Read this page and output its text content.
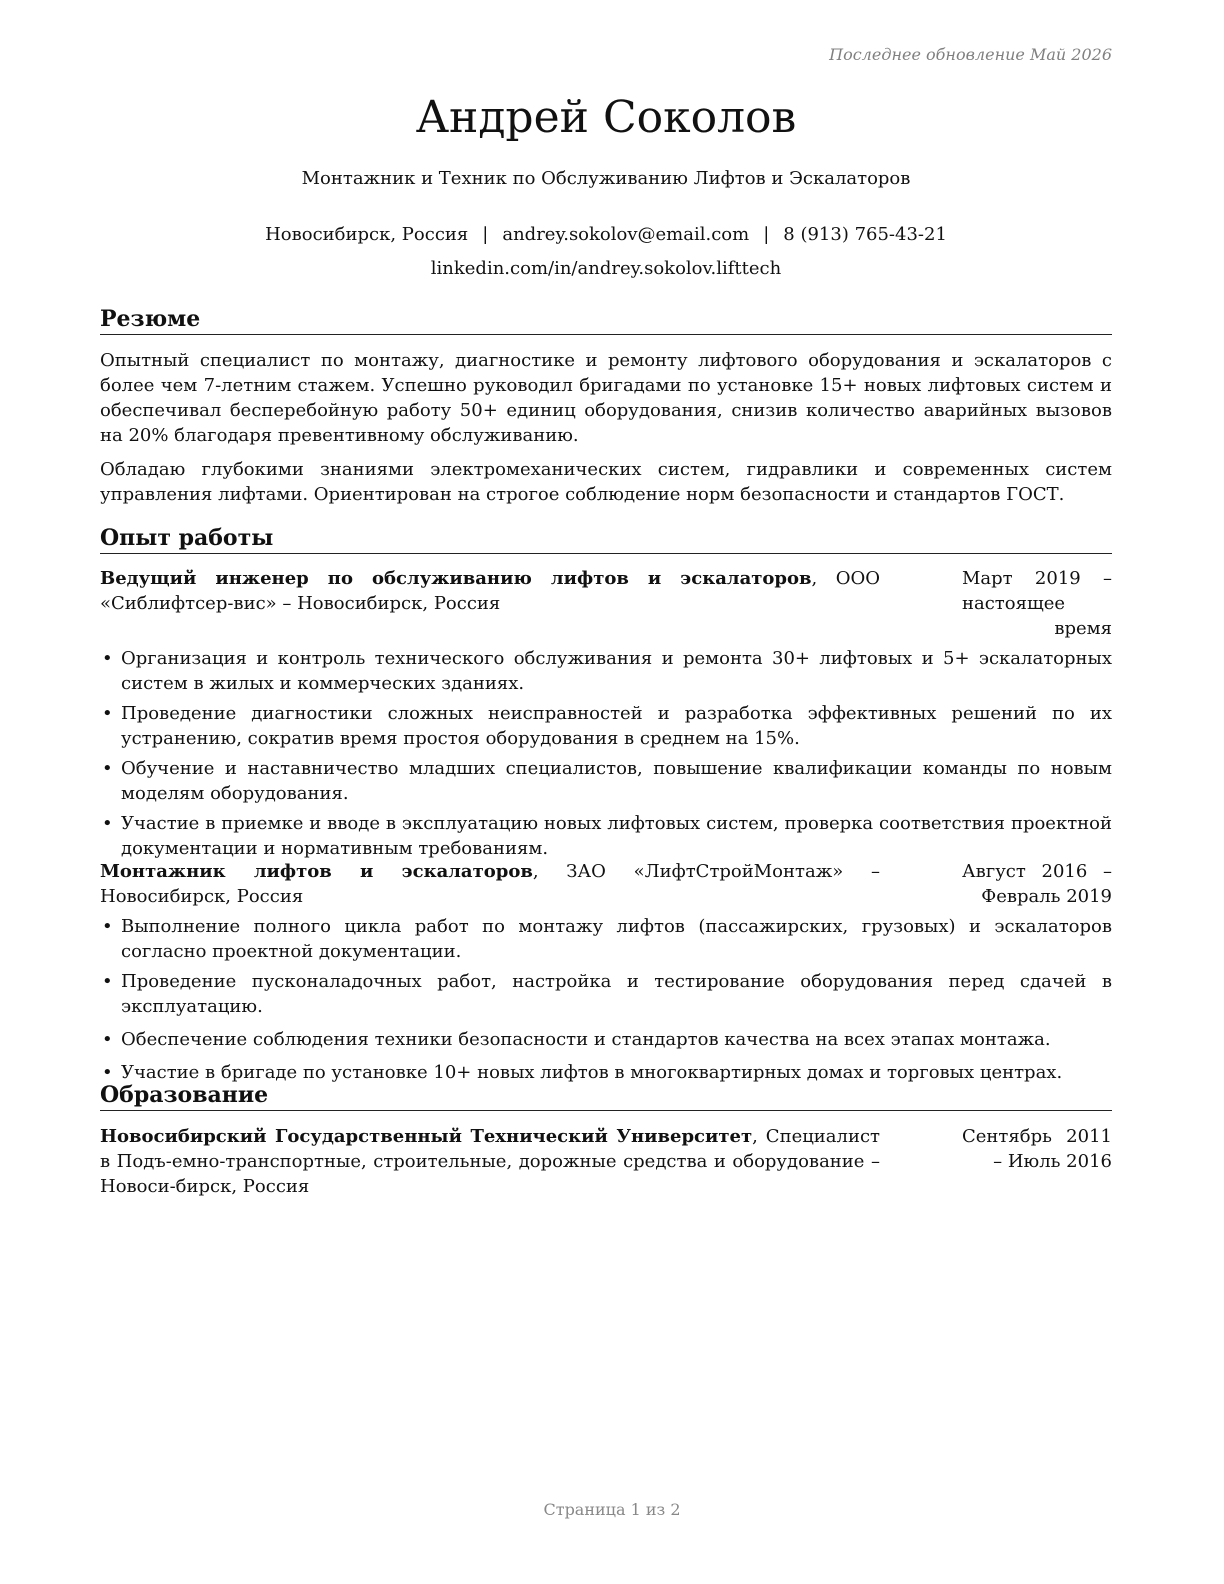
Последнее обновление Май 2026
Андрей Соколов
Монтажник и Техник по Обслуживанию Лифтов и Эскалаторов
Новосибирск, Россия | andrey.sokolov@email.com | 8 (913) 765-43-21
linkedin.com/in/andrey.sokolov.lifttech
Резюме

Опытный специалист по монтажу, диагностике и ремонту лифтового оборудования и эскалаторов с более чем 7-летним стажем. Успешно руководил бригадами по установке 15+ новых лифтовых систем и обеспечивал бесперебойную работу 50+ единиц оборудования, снизив количество аварийных вызовов на 20% благодаря превентивному обслуживанию.

Обладаю глубокими знаниями электромеханических систем, гидравлики и современных систем управления лифтами. Ориентирован на строгое соблюдение норм безопасности и стандартов ГОСТ.

Опыт работы
Ведущий инженер по обслуживанию лифтов и эскалаторов, ООО «Сиблифтсер-вис» – Новосибирск, Россия
Март 2019 – настоящее время
• Организация и контроль технического обслуживания и ремонта 30+ лифтовых и 5+ эскалаторных систем в жилых и коммерческих зданиях.
• Проведение диагностики сложных неисправностей и разработка эффективных решений по их устранению, сократив время простоя оборудования в среднем на 15%.
• Обучение и наставничество младших специалистов, повышение квалификации команды по новым моделям оборудования.
• Участие в приемке и вводе в эксплуатацию новых лифтовых систем, проверка соответствия проектной документации и нормативным требованиям.
Монтажник лифтов и эскалаторов, ЗАО «ЛифтСтройМонтаж» – Новосибирск, Россия
Август 2016 – Февраль 2019
• Выполнение полного цикла работ по монтажу лифтов (пассажирских, грузовых) и эскалаторов согласно проектной документации.
• Проведение пусконаладочных работ, настройка и тестирование оборудования перед сдачей в эксплуатацию.
• Обеспечение соблюдения техники безопасности и стандартов качества на всех этапах монтажа.
• Участие в бригаде по установке 10+ новых лифтов в многоквартирных домах и торговых центрах.
Образование
Новосибирский Государственный Технический Университет, Специалист в Подъ-емно-транспортные, строительные, дорожные средства и оборудование – Новоси-бирск, Россия
Сентябрь 2011 – Июль 2016
Страница 1 из 2
